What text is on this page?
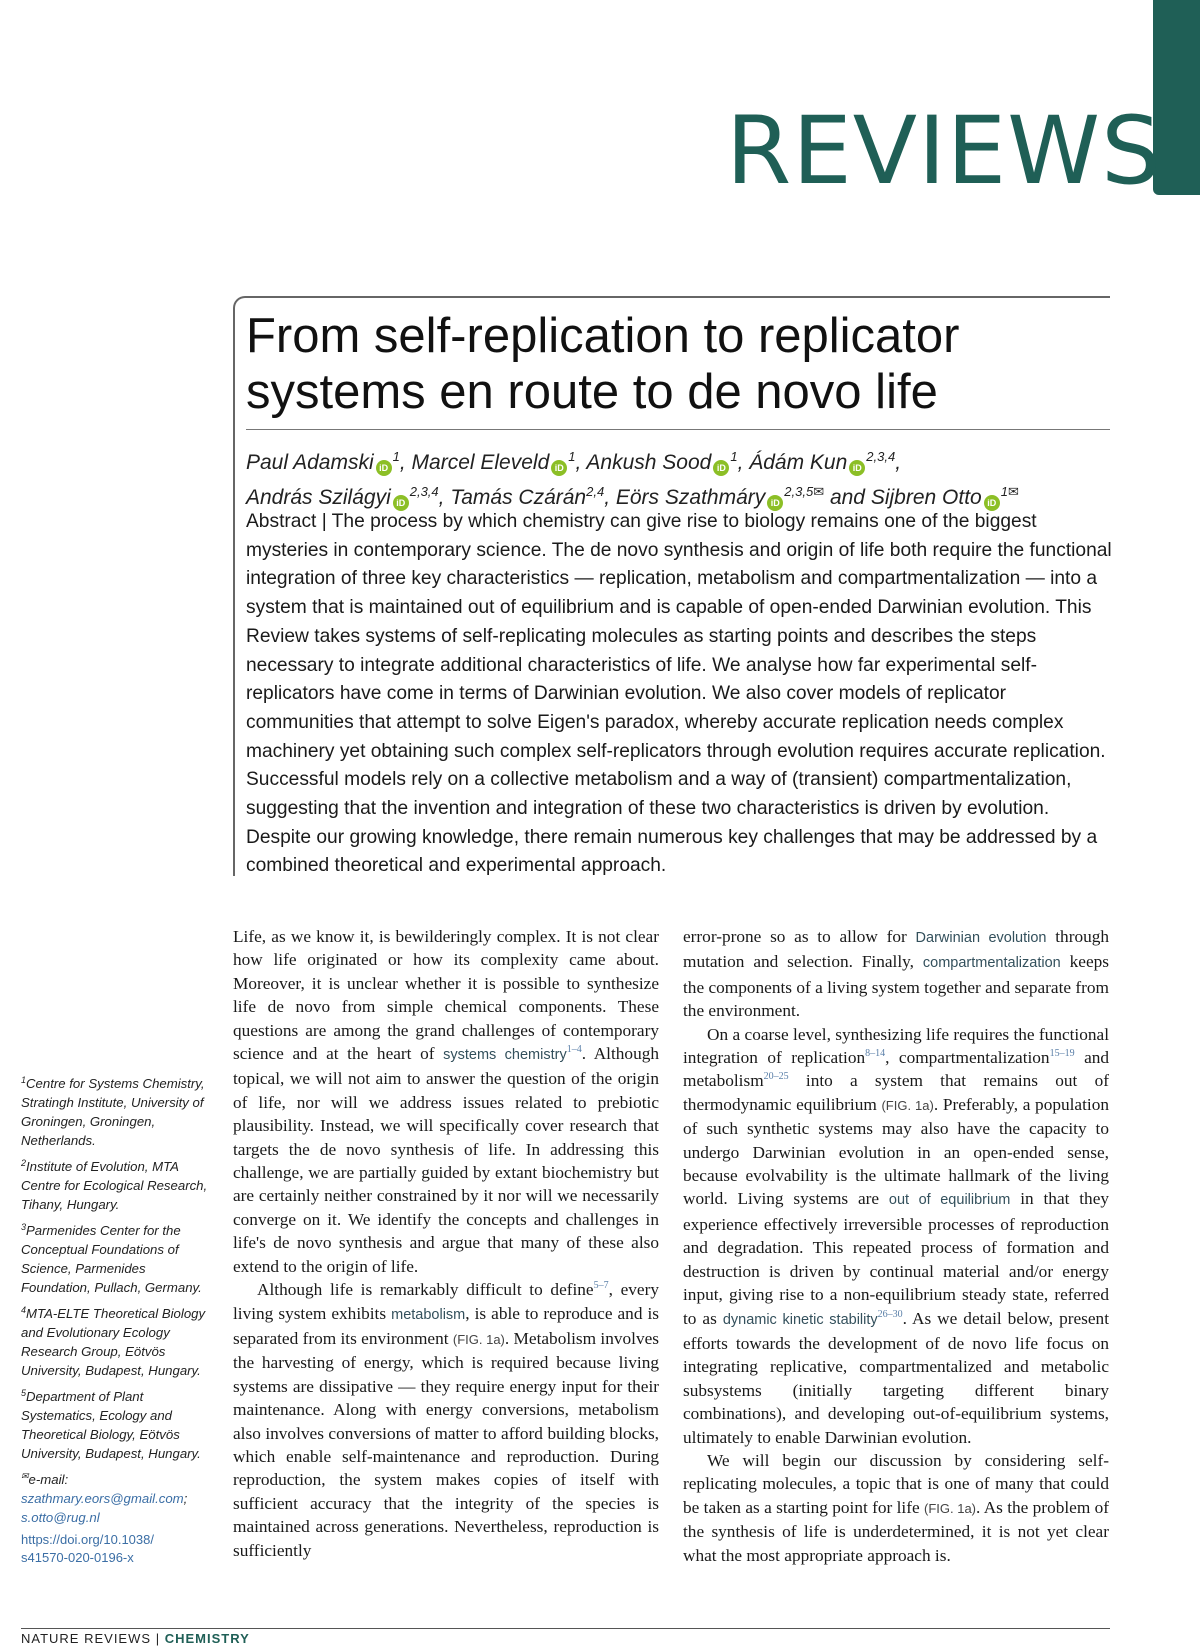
REVIEWS
From self-replication to replicator
systems en route to de novo life
Paul Adamski iD$^1$, Marcel Eleveld iD$^1$, Ankush Sood iD$^1$, Ádám Kun iD$^{2,3,4}$,
András Szilágyi iD$^{2,3,4}$, Tamás Czárán$^{2,4}$, Eörs Szathmáry iD$^{2,3,5✉}$ and Sijbren Otto iD$^{1✉}$

Abstract | The process by which chemistry can give rise to biology remains one of the biggest mysteries in contemporary science. The de novo synthesis and origin of life both require the functional integration of three key characteristics — replication, metabolism and compartmentalization — into a system that is maintained out of equilibrium and is capable of open-ended Darwinian evolution. This Review takes systems of self-replicating molecules as starting points and describes the steps necessary to integrate additional characteristics of life. We analyse how far experimental self-replicators have come in terms of Darwinian evolution. We also cover models of replicator communities that attempt to solve Eigen's paradox, whereby accurate replication needs complex machinery yet obtaining such complex self-replicators through evolution requires accurate replication. Successful models rely on a collective metabolism and a way of (transient) compartmentalization, suggesting that the invention and integration of these two characteristics is driven by evolution. Despite our growing knowledge, there remain numerous key challenges that may be addressed by a combined theoretical and experimental approach.

$^1$Centre for Systems Chemistry, Stratingh Institute, University of Groningen, Groningen, Netherlands.

$^2$Institute of Evolution, MTA Centre for Ecological Research, Tihany, Hungary.

$^3$Parmenides Center for the Conceptual Foundations of Science, Parmenides Foundation, Pullach, Germany.

$^4$MTA-ELTE Theoretical Biology and Evolutionary Ecology Research Group, Eötvös University, Budapest, Hungary.

$^5$Department of Plant Systematics, Ecology and Theoretical Biology, Eötvös University, Budapest, Hungary.

✉e-mail: szathmary.eors@gmail.com; s.otto@rug.nl

https://doi.org/10.1038/
s41570-020-0196-x

Life, as we know it, is bewilderingly complex. It is not clear how life originated or how its complexity came about. Moreover, it is unclear whether it is possible to synthesize life de novo from simple chemical components. These questions are among the grand challenges of contemporary science and at the heart of systems chemistry$^{1-4}$. Although topical, we will not aim to answer the question of the origin of life, nor will we address issues related to prebiotic plausibility. Instead, we will specifically cover research that targets the de novo synthesis of life. In addressing this challenge, we are partially guided by extant biochemistry but are certainly neither constrained by it nor will we necessarily converge on it. We identify the concepts and challenges in life's de novo synthesis and argue that many of these also extend to the origin of life.

Although life is remarkably difficult to define$^{5-7}$, every living system exhibits metabolism, is able to reproduce and is separated from its environment (FIG. 1a). Metabolism involves the harvesting of energy, which is required because living systems are dissipative — they require energy input for their maintenance. Along with energy conversions, metabolism also involves conversions of matter to afford building blocks, which enable self-maintenance and reproduction. During reproduction, the system makes copies of itself with sufficient accuracy that the integrity of the species is maintained across generations. Nevertheless, reproduction is sufficiently

error-prone so as to allow for Darwinian evolution through mutation and selection. Finally, compartmentalization keeps the components of a living system together and separate from the environment.

On a coarse level, synthesizing life requires the functional integration of replication$^{8-14}$, compartmentalization$^{15-19}$ and metabolism$^{20-25}$ into a system that remains out of thermodynamic equilibrium (FIG. 1a). Preferably, a population of such synthetic systems may also have the capacity to undergo Darwinian evolution in an open-ended sense, because evolvability is the ultimate hallmark of the living world. Living systems are out of equilibrium in that they experience effectively irreversible processes of reproduction and degradation. This repeated process of formation and destruction is driven by continual material and/or energy input, giving rise to a non-equilibrium steady state, referred to as dynamic kinetic stability$^{26-30}$. As we detail below, present efforts towards the development of de novo life focus on integrating replicative, compartmentalized and metabolic subsystems (initially targeting different binary combinations), and developing out-of-equilibrium systems, ultimately to enable Darwinian evolution.

We will begin our discussion by considering self-replicating molecules, a topic that is one of many that could be taken as a starting point for life (FIG. 1a). As the problem of the synthesis of life is underdetermined, it is not yet clear what the most appropriate approach is.

NATURE REVIEWS | CHEMISTRY
